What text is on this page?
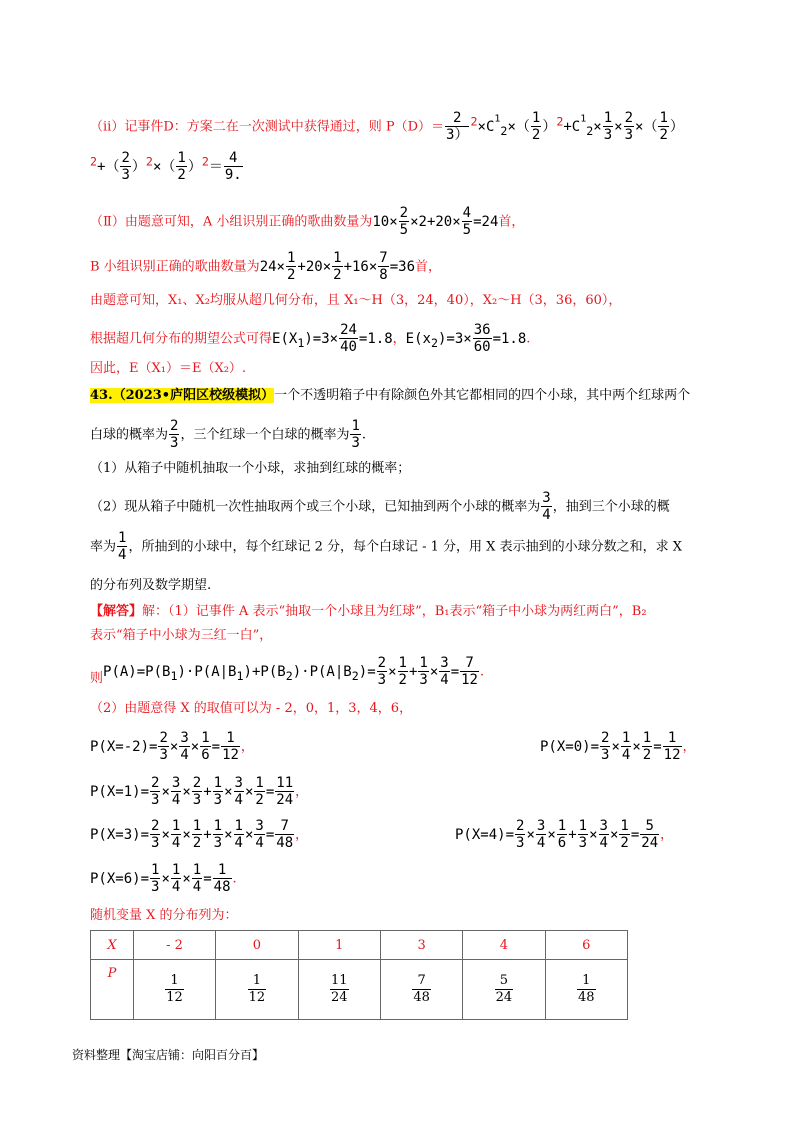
（ii）记事件D：方案二在一次测试中获得通过，则 $P(D)= \frac{2}{3)} ^2\times C^1_2\times( \frac{1}{2} )^2+C^1_2\times \frac{1}{3} \times \frac{2}{3}$ ×（ $\frac{1}{2}$ ）
$^2+( \frac{2}{3} )^2\times( \frac{1}{2} )^2= \frac{4}{9.}$
（Ⅱ）由题意可知，A 小组识别正确的歌曲数量为$10\times \frac{2}{5} \times 2+20\times \frac{4}{5} =24$首，
B 小组识别正确的歌曲数量为$24\times \frac{1}{2} +20\times \frac{1}{2} +16\times \frac{7}{8} =36$首，
由题意可知，X₁、X₂均服从超几何分布，且 X₁～H（3，24，40），X₂～H（3，36，60），
根据超几何分布的期望公式可得$E(X_1)=3\times \frac{24}{40} =1.8$，$E(x_2)=3\times \frac{36}{60} =1.8$.
因此，E（X₁）＝E（X₂）.
43.（2023•庐阳区校级模拟）一个不透明箱子中有除颜色外其它都相同的四个小球，其中两个红球两个
白球的概率为 $\frac{2}{3}$ ，三个红球一个白球的概率为 $\frac{1}{3}$ .
（1）从箱子中随机抽取一个小球，求抽到红球的概率；
（2）现从箱子中随机一次性抽取两个或三个小球，已知抽到两个小球的概率为 $\frac{3}{4}$ ，抽到三个小球的概
率为 $\frac{1}{4}$ ，所抽到的小球中，每个红球记 2 分，每个白球记 - 1 分，用 X 表示抽到的小球分数之和，求 X
的分布列及数学期望.
【解答】解：（1）记事件 A 表示“抽取一个小球且为红球”，B₁表示“箱子中小球为两红两白”，B₂
表示“箱子中小球为三红一白”，
则$P(A)=P(B_1)\cdot P(A|B_1)+P(B_2)\cdot P(A|B_2)= \frac{2}{3} \times \frac{1}{2} + \frac{1}{3} \times \frac{3}{4} = \frac{7}{12}$ .
（2）由题意得 X 的取值可以为 - 2，0，1，3，4，6，
$P(X=-2)= \frac{2}{3} \times \frac{3}{4} \times \frac{1}{6} = \frac{1}{12}$ ，	$P(X=0)= \frac{2}{3} \times \frac{1}{4} \times \frac{1}{2} = \frac{1}{12}$ ，
$P(X=1)= \frac{2}{3} \times \frac{3}{4} \times \frac{2}{3} + \frac{1}{3} \times \frac{3}{4} \times \frac{1}{2} = \frac{11}{24}$ ，
$P(X=3)= \frac{2}{3} \times \frac{1}{4} \times \frac{1}{2} + \frac{1}{3} \times \frac{1}{4} \times \frac{3}{4} = \frac{7}{48}$ ，	$P(X=4)= \frac{2}{3} \times \frac{3}{4} \times \frac{1}{6} + \frac{1}{3} \times \frac{3}{4} \times \frac{1}{2} = \frac{5}{24}$ ，
$P(X=6)= \frac{1}{3} \times \frac{1}{4} \times \frac{1}{4} = \frac{1}{48}$ .
随机变量 X 的分布列为：
X	- 2	0	1	3	4	6
P	$\frac{1}{12}$	$\frac{1}{12}$	$\frac{11}{24}$	$\frac{7}{48}$	$\frac{5}{24}$	$\frac{1}{48}$
资料整理【淘宝店铺：向阳百分百】
